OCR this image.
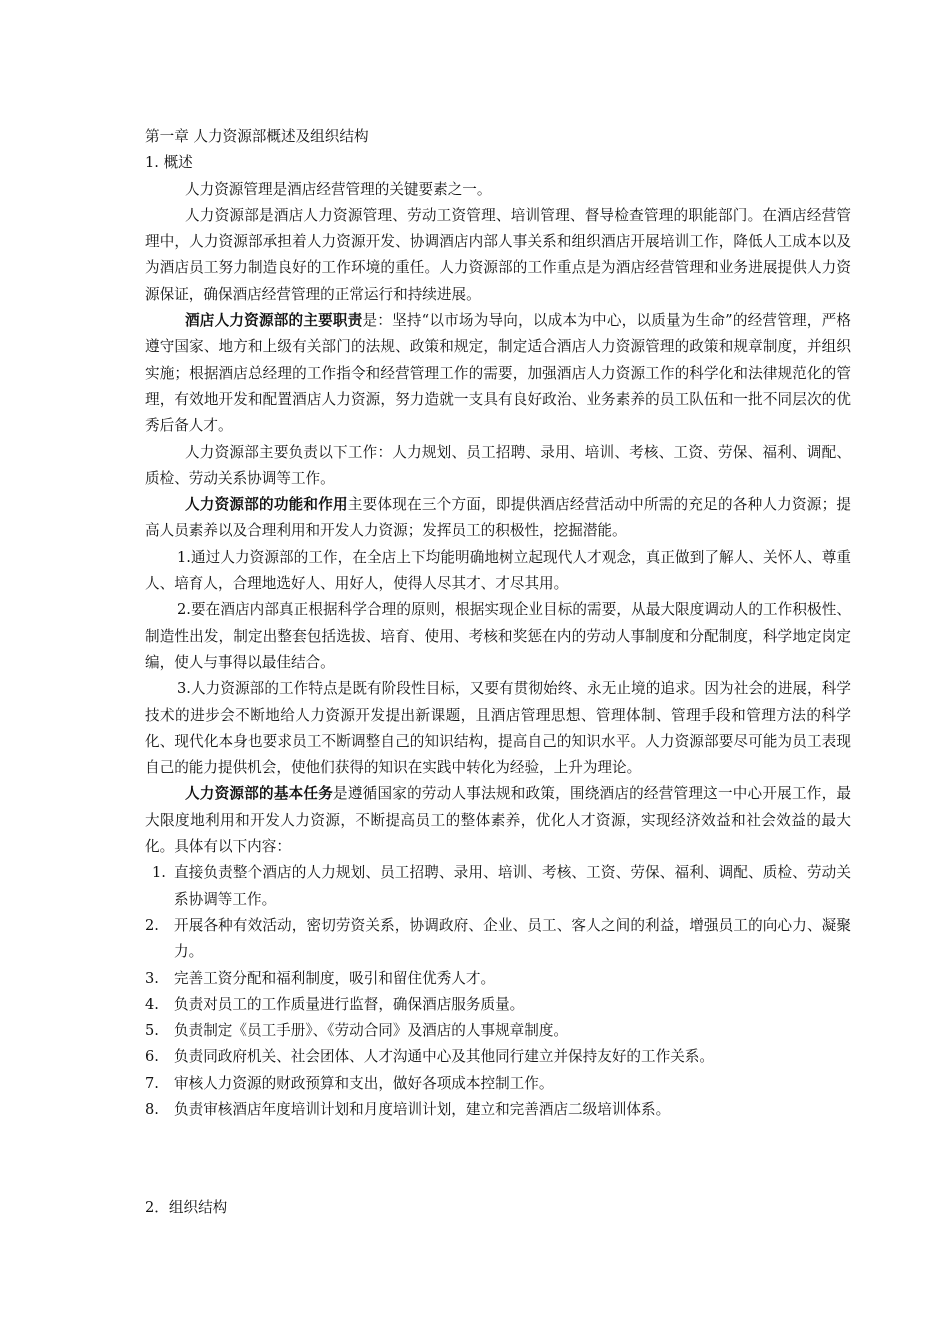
第一章 人力资源部概述及组织结构
1. 概述
人力资源管理是酒店经营管理的关键要素之一。
人力资源部是酒店人力资源管理、劳动工资管理、培训管理、督导检查管理的职能部门。在酒店经营管理中，人力资源部承担着人力资源开发、协调酒店内部人事关系和组织酒店开展培训工作，降低人工成本以及为酒店员工努力制造良好的工作环境的重任。人力资源部的工作重点是为酒店经营管理和业务进展提供人力资源保证，确保酒店经营管理的正常运行和持续进展。
酒店人力资源部的主要职责是：坚持“以市场为导向，以成本为中心，以质量为生命”的经营管理，严格遵守国家、地方和上级有关部门的法规、政策和规定，制定适合酒店人力资源管理的政策和规章制度，并组织实施；根据酒店总经理的工作指令和经营管理工作的需要，加强酒店人力资源工作的科学化和法律规范化的管理，有效地开发和配置酒店人力资源，努力造就一支具有良好政治、业务素养的员工队伍和一批不同层次的优秀后备人才。
人力资源部主要负责以下工作：人力规划、员工招聘、录用、培训、考核、工资、劳保、福利、调配、质检、劳动关系协调等工作。
人力资源部的功能和作用主要体现在三个方面，即提供酒店经营活动中所需的充足的各种人力资源；提高人员素养以及合理利用和开发人力资源；发挥员工的积极性，挖掘潜能。
1.通过人力资源部的工作，在全店上下均能明确地树立起现代人才观念，真正做到了解人、关怀人、尊重人、培育人，合理地选好人、用好人，使得人尽其才、才尽其用。
2.要在酒店内部真正根据科学合理的原则，根据实现企业目标的需要，从最大限度调动人的工作积极性、制造性出发，制定出整套包括选拔、培育、使用、考核和奖惩在内的劳动人事制度和分配制度，科学地定岗定编，使人与事得以最佳结合。
3.人力资源部的工作特点是既有阶段性目标，又要有贯彻始终、永无止境的追求。因为社会的进展，科学技术的进步会不断地给人力资源开发提出新课题，且酒店管理思想、管理体制、管理手段和管理方法的科学化、现代化本身也要求员工不断调整自己的知识结构，提高自己的知识水平。人力资源部要尽可能为员工表现自己的能力提供机会，使他们获得的知识在实践中转化为经验，上升为理论。
人力资源部的基本任务是遵循国家的劳动人事法规和政策，围绕酒店的经营管理这一中心开展工作，最大限度地利用和开发人力资源，不断提高员工的整体素养，优化人才资源，实现经济效益和社会效益的最大化。具体有以下内容：
1. 直接负责整个酒店的人力规划、员工招聘、录用、培训、考核、工资、劳保、福利、调配、质检、劳动关系协调等工作。
2. 开展各种有效活动，密切劳资关系，协调政府、企业、员工、客人之间的利益，增强员工的向心力、凝聚力。
3. 完善工资分配和福利制度，吸引和留住优秀人才。
4. 负责对员工的工作质量进行监督，确保酒店服务质量。
5. 负责制定《员工手册》、《劳动合同》及酒店的人事规章制度。
6. 负责同政府机关、社会团体、人才沟通中心及其他同行建立并保持友好的工作关系。
7. 审核人力资源的财政预算和支出，做好各项成本控制工作。
8. 负责审核酒店年度培训计划和月度培训计划，建立和完善酒店二级培训体系。
2．组织结构
